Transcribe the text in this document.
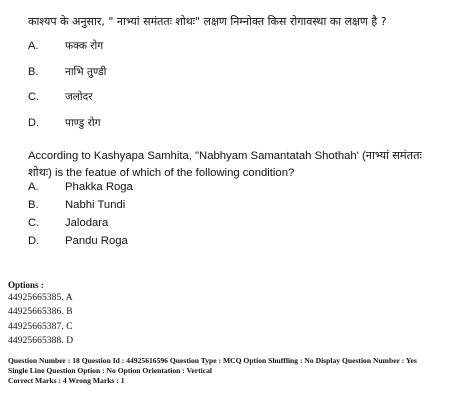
काश्यप के अनुसार, " नाभ्यां समंततः शोथः" लक्षण निम्नोक्त किस रोगावस्था का लक्षण है ?
A.	फक्क रोग
B.	नाभि तुण्डी
C.	जलोदर
D.	पाण्डु रोग
According to Kashyapa Samhita, "Nabhyam Samantatah Shothah' (नाभ्यां समंततः शोथः) is the featue of which of the following condition?
A.	Phakka Roga
B.	Nabhi Tundi
C.	Jalodara
D.	Pandu Roga
Options :
44925665385. A
44925665386. B
44925665387. C
44925665388. D
Question Number : 18 Question Id : 44925616596 Question Type : MCQ Option Shuffling : No Display Question Number : Yes
Single Line Question Option : No Option Orientation : Vertical
Correct Marks : 4 Wrong Marks : 1
